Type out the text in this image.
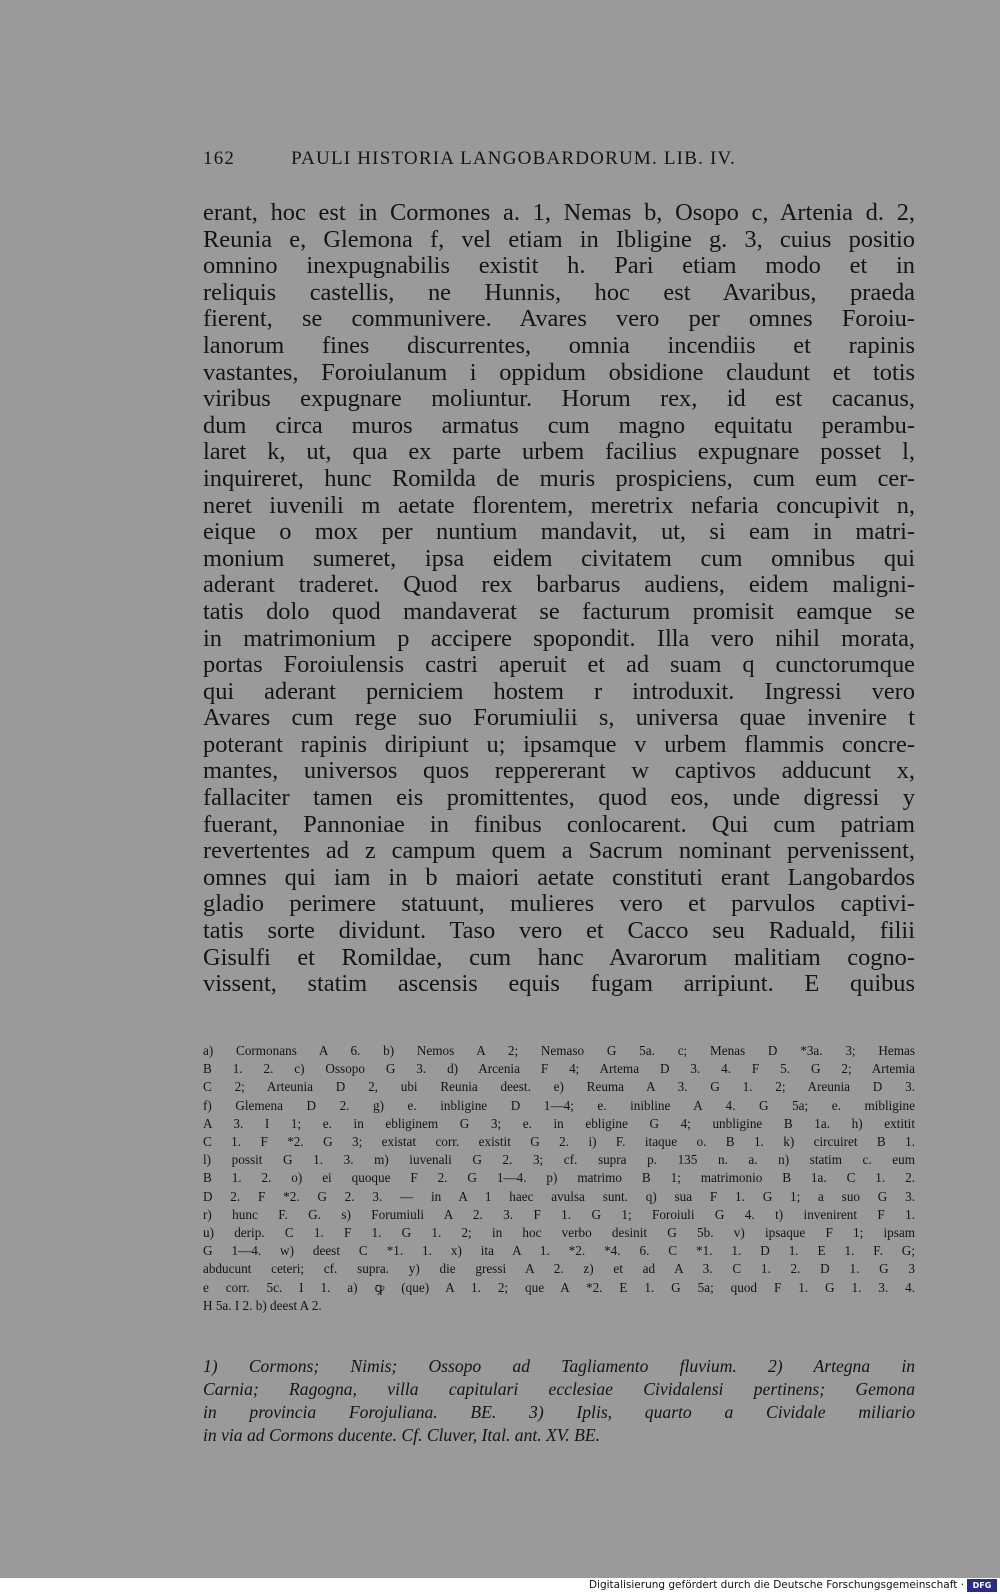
162	PAULI HISTORIA LANGOBARDORUM. LIB. IV.
erant, hoc est in Cormones a. 1, Nemas b, Osopo c, Artenia d. 2,
Reunia e, Glemona f, vel etiam in Ibligine g. 3, cuius positio
omnino inexpugnabilis existit h. Pari etiam modo et in
reliquis castellis, ne Hunnis, hoc est Avaribus, praeda
fierent, se communivere. Avares vero per omnes Foroiu-
lanorum fines discurrentes, omnia incendiis et rapinis
vastantes, Foroiulanum i oppidum obsidione claudunt et totis
viribus expugnare moliuntur. Horum rex, id est cacanus,
dum circa muros armatus cum magno equitatu perambu-
laret k, ut, qua ex parte urbem facilius expugnare posset l,
inquireret, hunc Romilda de muris prospiciens, cum eum cer-
neret iuvenili m aetate florentem, meretrix nefaria concupivit n,
eique o mox per nuntium mandavit, ut, si eam in matri-
monium sumeret, ipsa eidem civitatem cum omnibus qui
aderant traderet. Quod rex barbarus audiens, eidem maligni-
tatis dolo quod mandaverat se facturum promisit eamque se
in matrimonium p accipere spopondit. Illa vero nihil morata,
portas Foroiulensis castri aperuit et ad suam q cunctorumque
qui aderant perniciem hostem r introduxit. Ingressi vero
Avares cum rege suo Forumiulii s, universa quae invenire t
poterant rapinis diripiunt u; ipsamque v urbem flammis concre-
mantes, universos quos reppererant w captivos adducunt x,
fallaciter tamen eis promittentes, quod eos, unde digressi y
fuerant, Pannoniae in finibus conlocarent. Qui cum patriam
revertentes ad z campum quem a Sacrum nominant pervenissent,
omnes qui iam in b maiori aetate constituti erant Langobardos
gladio perimere statuunt, mulieres vero et parvulos captivi-
tatis sorte dividunt. Taso vero et Cacco seu Raduald, filii
Gisulfi et Romildae, cum hanc Avarorum malitiam cogno-
vissent, statim ascensis equis fugam arripiunt. E quibus
a) Cormonans A 6. b) Nemos A 2; Nemaso G 5a. c; Menas D *3a. 3; Hemas
B 1. 2. c) Ossopo G 3. d) Arcenia F 4; Artema D 3. 4. F 5. G 2; Artemia
C 2; Arteunia D 2, ubi Reunia deest. e) Reuma A 3. G 1. 2; Areunia D 3.
f) Glemena D 2. g) e. inbligine D 1—4; e. inibline A 4. G 5a; e. mibligine
A 3. I 1; e. in ebliginem G 3; e. in ebligine G 4; unbligine B 1a. h) extitit
C 1. F *2. G 3; existat corr. existit G 2. i) F. itaque o. B 1. k) circuiret B 1.
l) possit G 1. 3. m) iuvenali G 2. 3; cf. supra p. 135 n. a. n) statim c. eum
B 1. 2. o) ei quoque F 2. G 1—4. p) matrimo B 1; matrimonio B 1a. C 1. 2.
D 2. F *2. G 2. 3. — in A 1 haec avulsa sunt. q) sua F 1. G 1; a suo G 3.
r) hunc F. G. s) Forumiuli A 2. 3. F 1. G 1; Foroiuli G 4. t) invenirent F 1.
u) derip. C 1. F 1. G 1. 2; in hoc verbo desinit G 5b. v) ipsaque F 1; ipsam
G 1—4. w) deest C *1. 1. x) ita A 1. *2. *4. 6. C *1. 1. D 1. E 1. F. G;
abducunt ceteri; cf. supra. y) die gressi A 2. z) et ad A 3. C 1. 2. D 1. G 3
e corr. 5c. I 1. a) ꝙ (que) A 1. 2; que A *2. E 1. G 5a; quod F 1. G 1. 3. 4.
H 5a. I 2. b) deest A 2.
1) Cormons; Nimis; Ossopo ad Tagliamento fluvium. 2) Artegna in
Carnia; Ragogna, villa capitulari ecclesiae Cividalensi pertinens; Gemona
in provincia Forojuliana. BE. 3) Iplis, quarto a Cividale miliario
in via ad Cormons ducente. Cf. Cluver, Ital. ant. XV. BE.
Digitalisierung gefördert durch die Deutsche Forschungsgemeinschaft ·	DFG
